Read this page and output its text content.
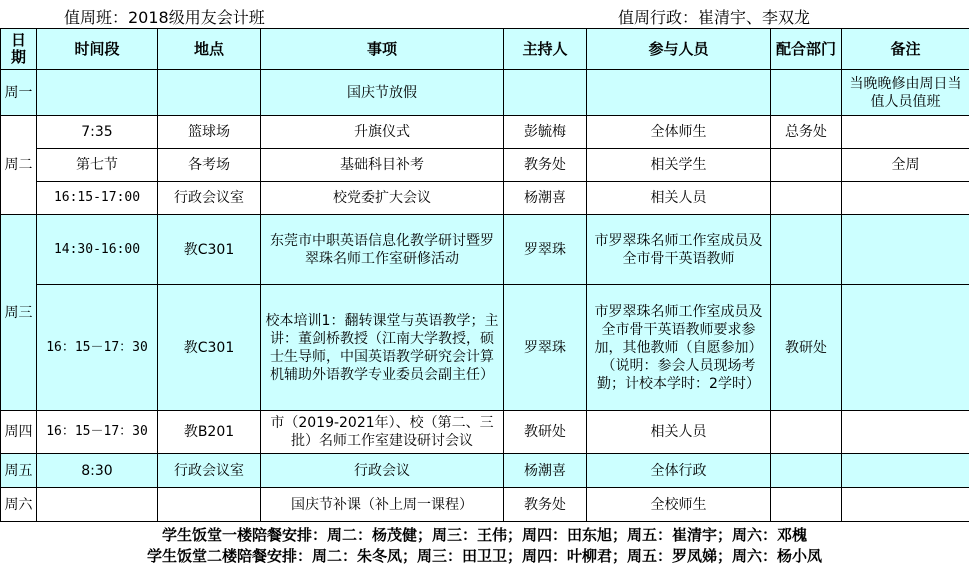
值周班：2018级用友会计班	值周行政：崔清宇、李双龙
日期	时间段	地点	事项	主持人	参与人员	配合部门	备注
周一			国庆节放假				当晚晚修由周日当值人员值班
周二	7:35	篮球场	升旗仪式	彭毓梅	全体师生	总务处	
	第七节	各考场	基础科目补考	教务处	相关学生		全周
	16:15-17:00	行政会议室	校党委扩大会议	杨潮喜	相关人员		
周三	14:30-16:00	教C301	东莞市中职英语信息化教学研讨暨罗翠珠名师工作室研修活动	罗翠珠	市罗翠珠名师工作室成员及全市骨干英语教师		
	16：15－17：30	教C301	校本培训1：翻转课堂与英语教学；主讲：董剑桥教授（江南大学教授，硕士生导师，中国英语教学研究会计算机辅助外语教学专业委员会副主任）	罗翠珠	市罗翠珠名师工作室成员及全市骨干英语教师要求参加，其他教师（自愿参加）（说明：参会人员现场考勤；计校本学时：2学时）	教研处	
周四	16：15－17：30	教B201	市（2019-2021年）、校（第二、三批）名师工作室建设研讨会议	教研处	相关人员		
周五	8:30	行政会议室	行政会议	杨潮喜	全体行政		
周六			国庆节补课（补上周一课程）	教务处	全校师生		
学生饭堂一楼陪餐安排：周二：杨茂健；周三：王伟；周四：田东旭；周五：崔清宇；周六：邓槐
学生饭堂二楼陪餐安排：周二：朱冬凤；周三：田卫卫；周四：叶柳君；周五：罗凤娣；周六：杨小凤
